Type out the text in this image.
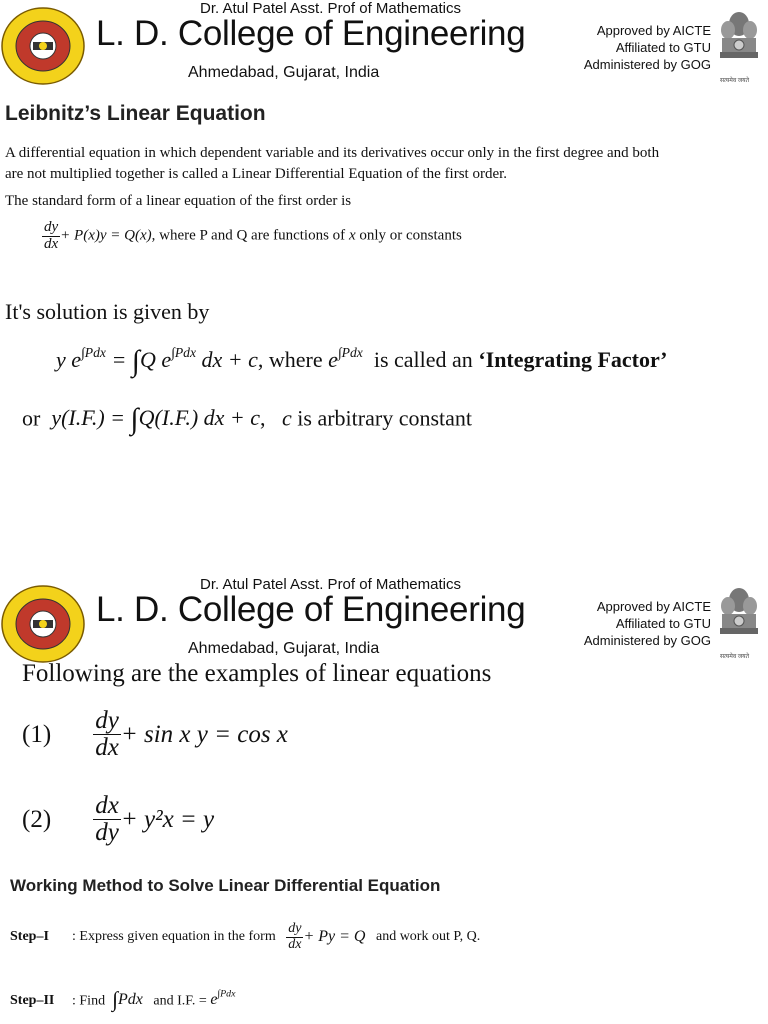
Dr. Atul Patel Asst. Prof of Mathematics
L. D. College of Engineering
Ahmedabad, Gujarat, India
Approved by AICTE
Affiliated to GTU
Administered by GOG
सत्यमेव जयते
Leibnitz’s Linear Equation
A differential equation in which dependent variable and its derivatives occur only in the first degree and both
are not multiplied together is called a Linear Differential Equation of the first order.
The standard form of a linear equation of the first order is
$\frac{dy}{dx} + P(x)y = Q(x)$, where P and Q are functions of x only or constants
It's solution is given by
y $e^{\int Pdx} = \int Q$ $e^{\int Pdx}$ dx + c, where $e^{\int Pdx}$ is called an ‘Integrating Factor’
or y(I.F.) = ∫Q(I.F.) dx + c,   c is arbitrary constant
Dr. Atul Patel Asst. Prof of Mathematics
L. D. College of Engineering
Ahmedabad, Gujarat, India
Approved by AICTE
Affiliated to GTU
Administered by GOG
सत्यमेव जयते
Following are the examples of linear equations
$(1) \frac{dy}{dx} + \sin x$ y = cos x
$(2) \frac{dx}{dy} + y^2x = y$
Working Method to Solve Linear Differential Equation
Step–I : Express given equation in the form $\frac{dy}{dx} + Py = Q$ and work out P, Q.
Step–II : Find ∫Pdx and I.F. = $e^{\int Pdx}$
